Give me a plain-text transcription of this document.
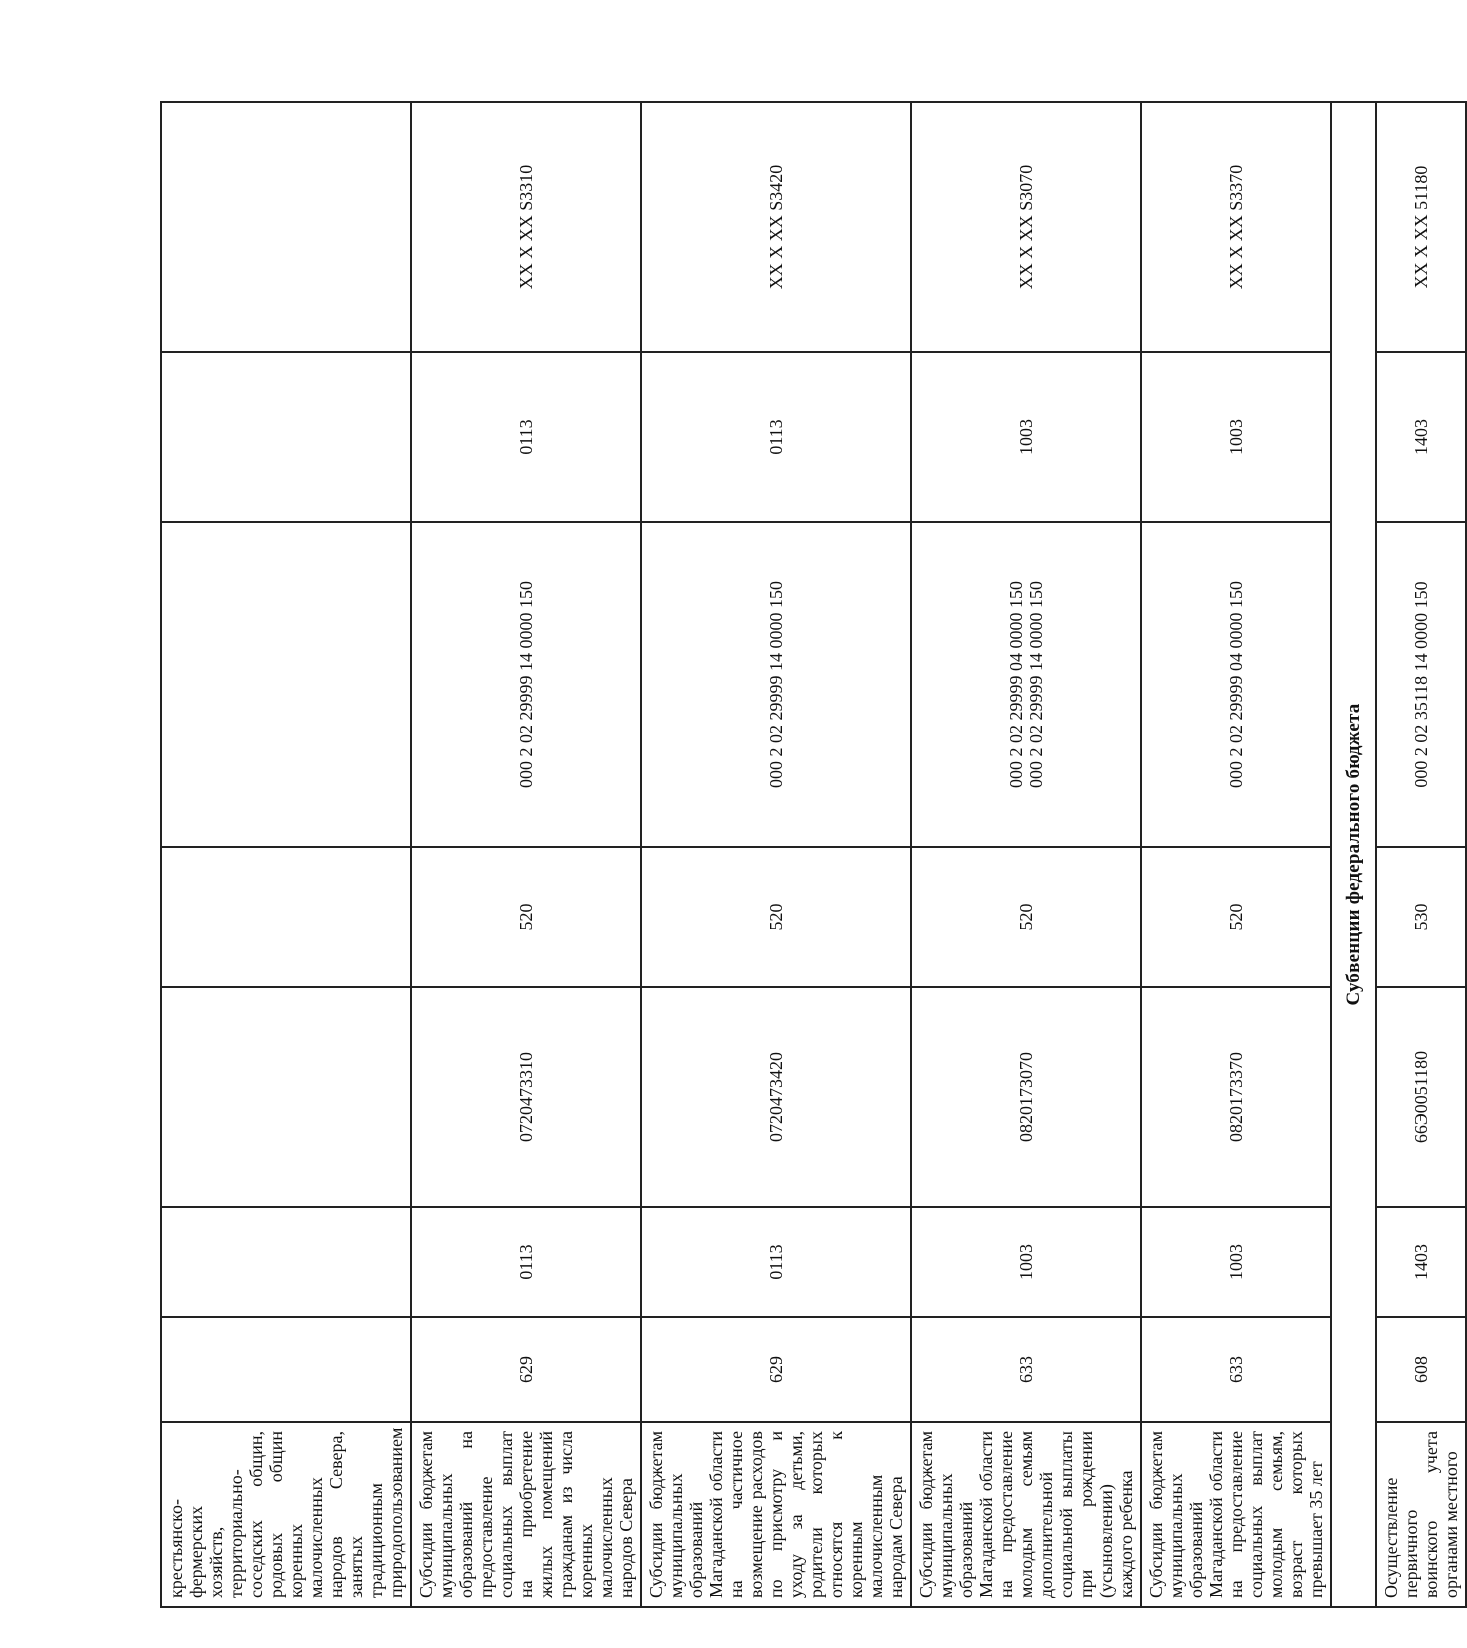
крестьянско-фермерских хозяйств, территориально-соседских общин, родовых общин коренных малочисленных народов Севера, занятых традиционным природопользованием					

Субсидии бюджетам муниципальных образований на предоставление социальных выплат на приобретение жилых помещений гражданам из числа коренных малочисленных народов Севера	629	0113	0720473310	520	000 2 02 29999 14 0000 150	0113	XX X XX S3310
Субсидии бюджетам муниципальных образований Магаданской области на частичное возмещение расходов по присмотру и уходу за детьми, родители которых относятся к коренным малочисленным народам Севера	629	0113	0720473420	520	000 2 02 29999 14 0000 150	0113	XX X XX S3420
Субсидии бюджетам муниципальных образований Магаданской области на предоставление молодым семьям дополнительной социальной выплаты при рождении (усыновлении) каждого ребенка	633	1003	0820173070	520	000 2 02 29999 04 0000 150 000 2 02 29999 14 0000 150	1003	XX X XX S3070
Субсидии бюджетам муниципальных образований Магаданской области на предоставление социальных выплат молодым семьям, возраст которых превышает 35 лет	633	1003	0820173370	520	000 2 02 29999 04 0000 150	1003	XX X XX S3370
Субвенции федерального бюджета							
Осуществление первичного воинского учета органами местного	608	1403	66Э0051180	530	000 2 02 35118 14 0000 150	1403	XX X XX 51180
